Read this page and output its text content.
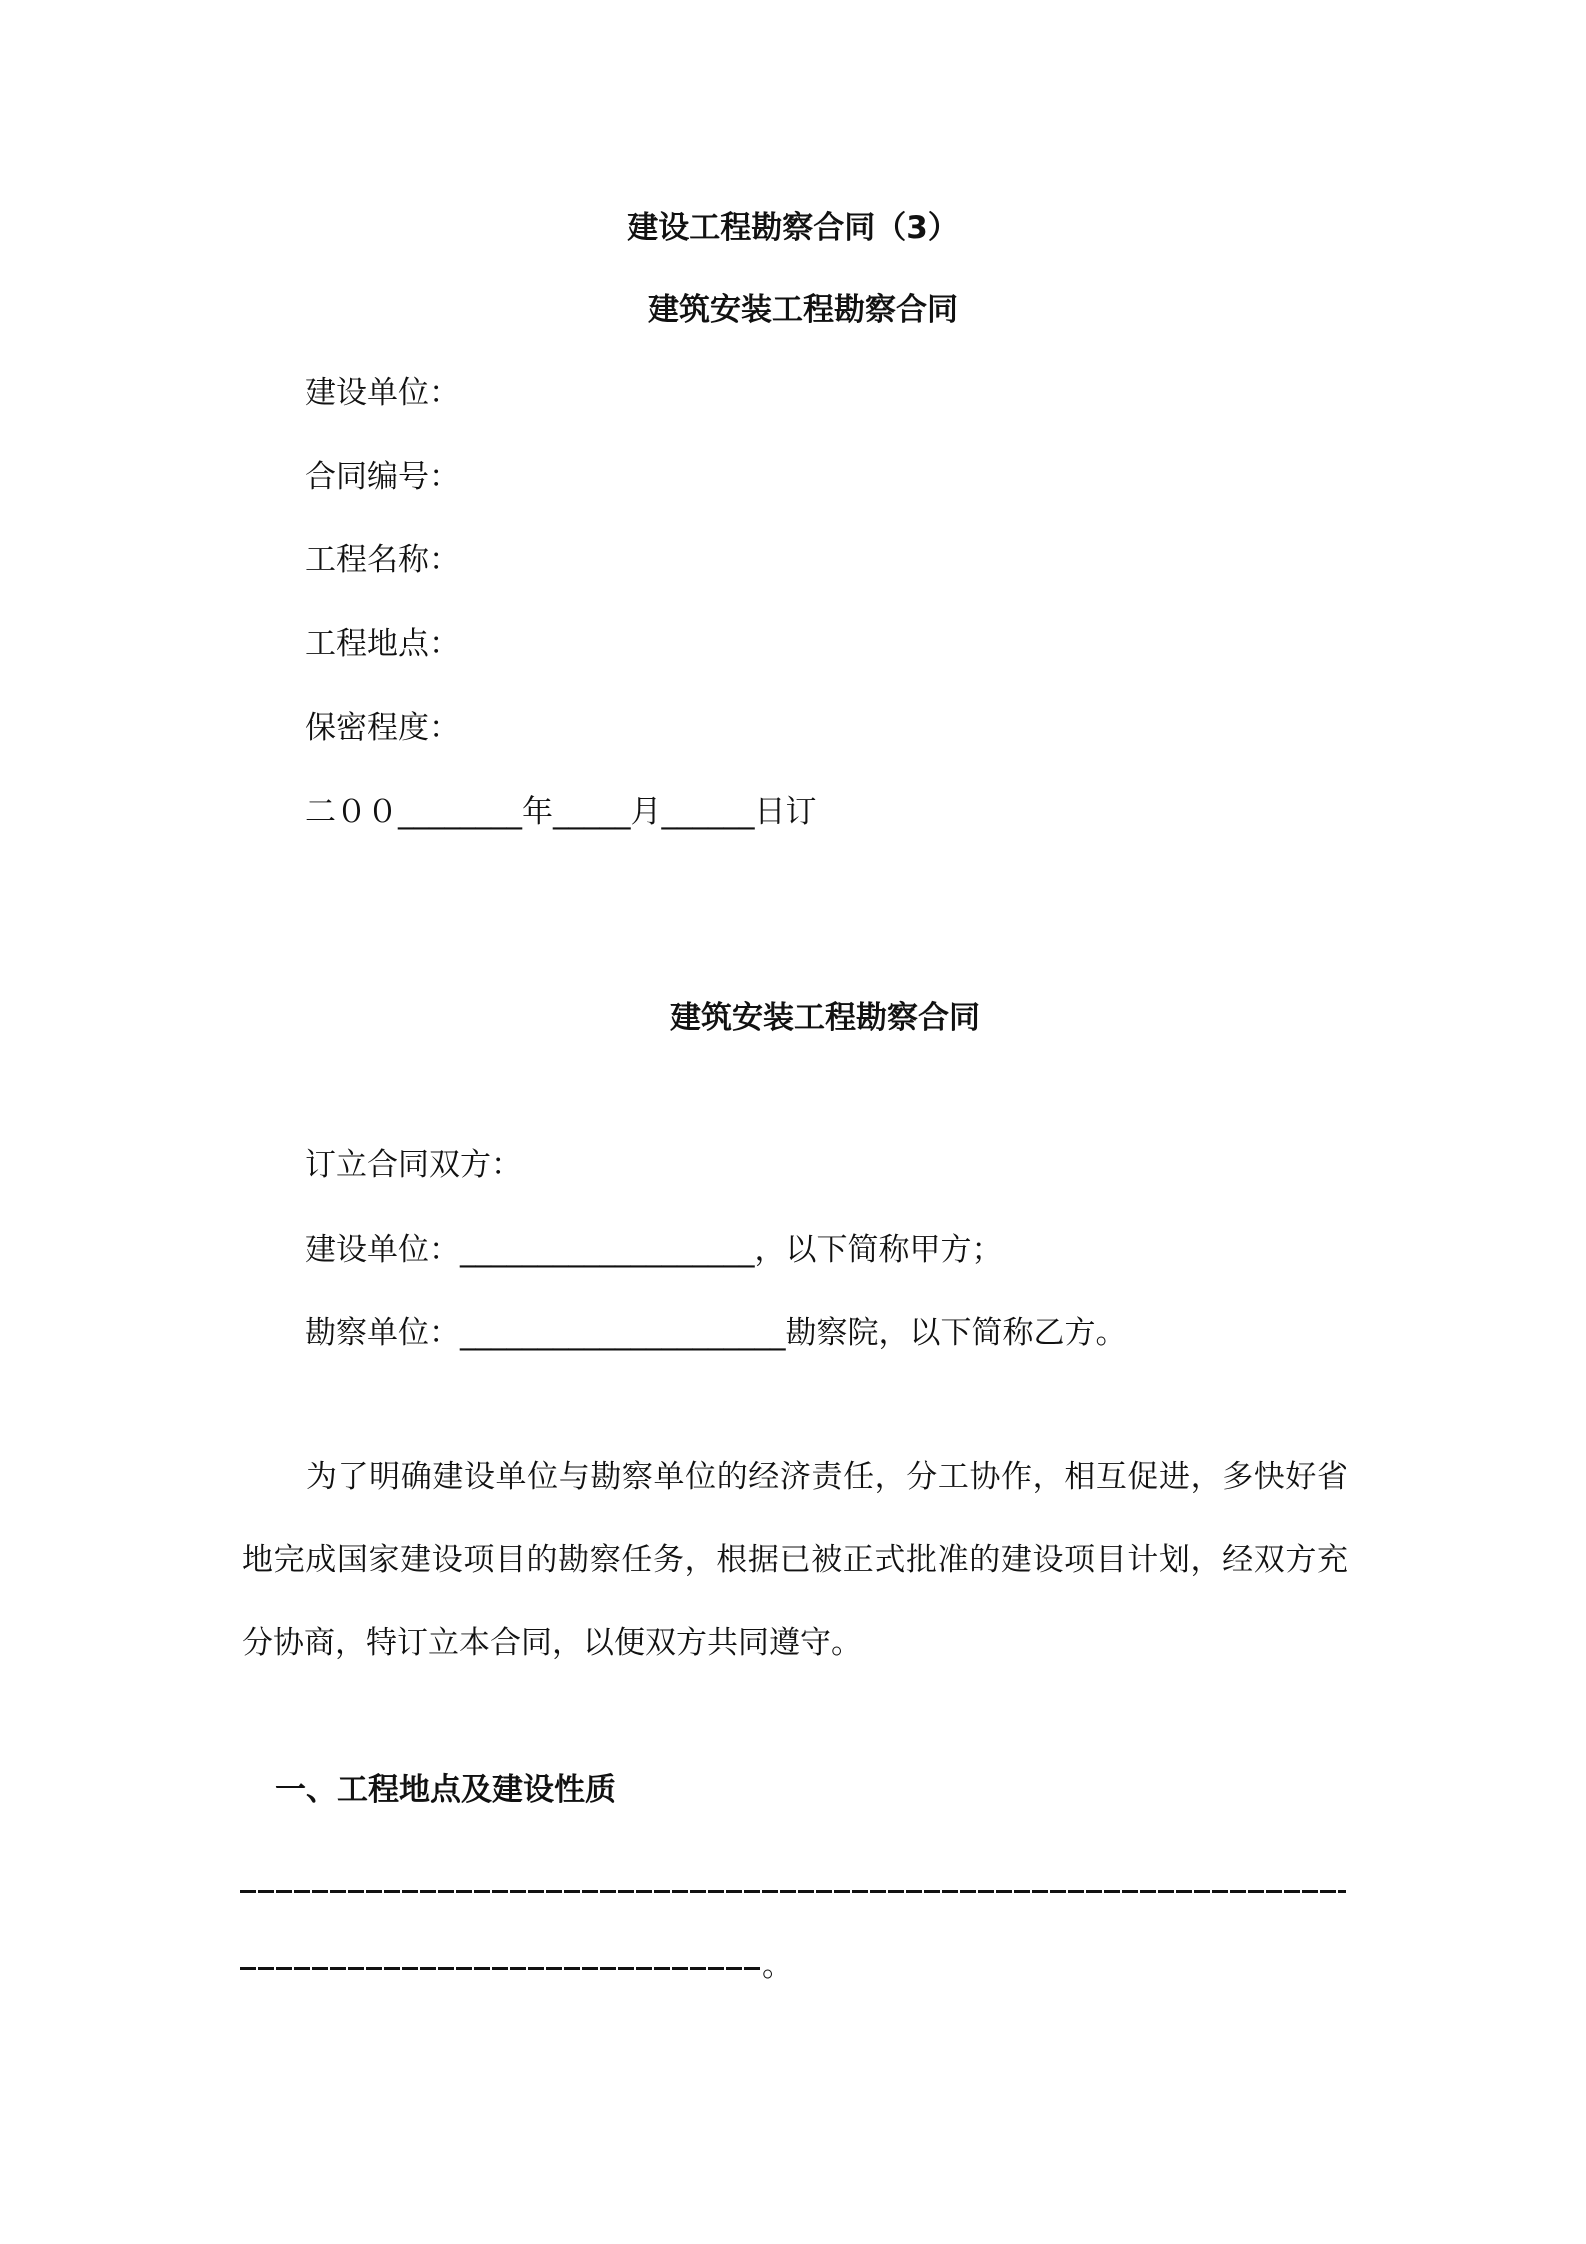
建设工程勘察合同（3）
建筑安装工程勘察合同
建设单位：
合同编号：
工程名称：
工程地点：
保密程度：
二００________年_____月______日订
建筑安装工程勘察合同
订立合同双方：
建设单位：___________________，以下简称甲方；
勘察单位：_____________________勘察院，以下简称乙方。

为了明确建设单位与勘察单位的经济责任，分工协作，相互促进，多快好省地完成国家建设项目的勘察任务，根据已被正式批准的建设项目计划，经双方充分协商，特订立本合同，以便双方共同遵守。

一、工程地点及建设性质
。
